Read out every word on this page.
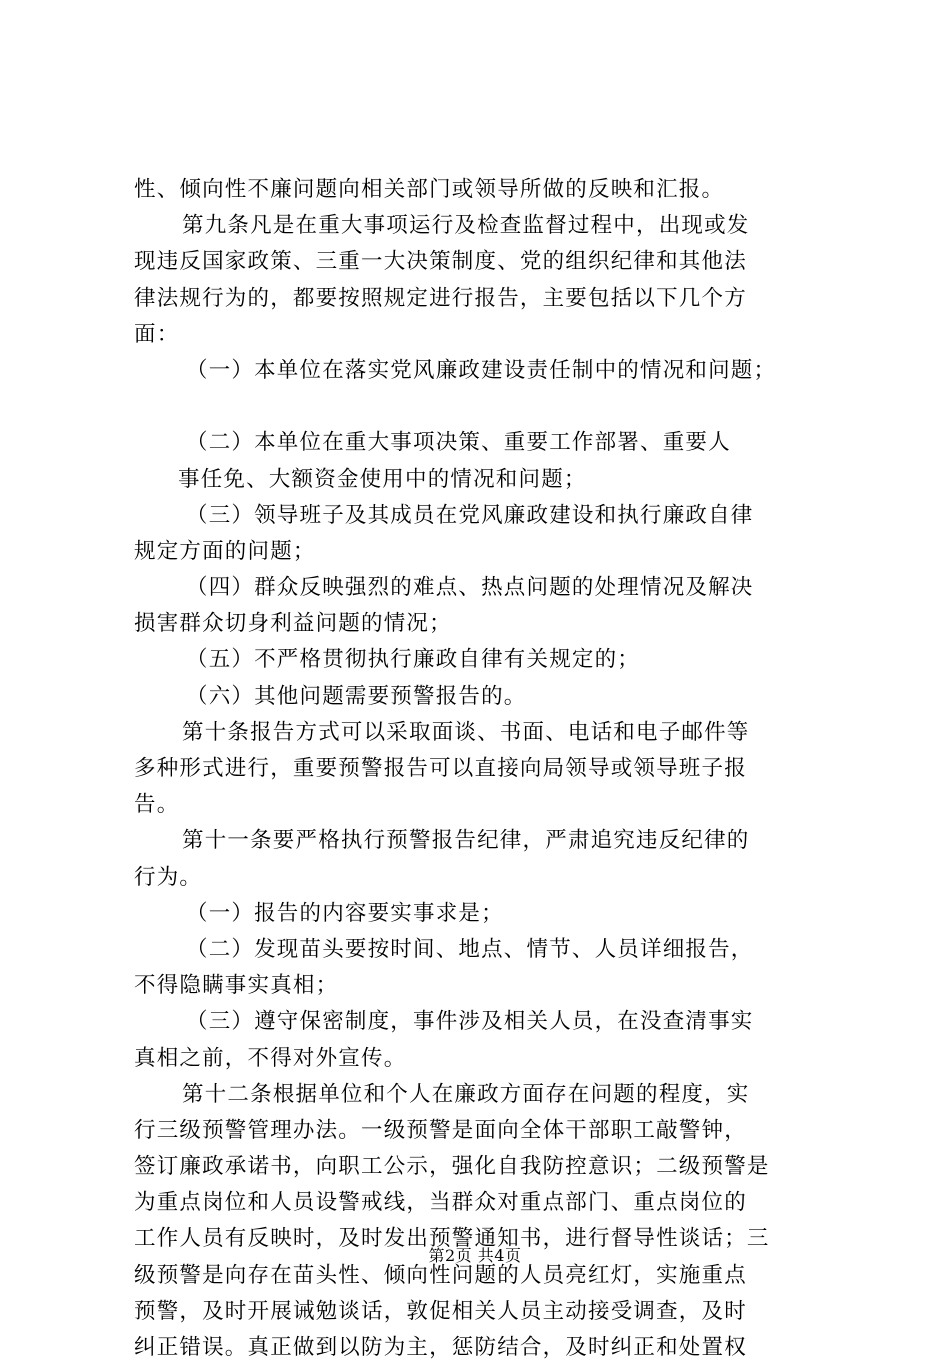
性、倾向性不廉问题向相关部门或领导所做的反映和汇报。
第九条凡是在重大事项运行及检查监督过程中，出现或发
现违反国家政策、三重一大决策制度、党的组织纪律和其他法
律法规行为的，都要按照规定进行报告，主要包括以下几个方
面：
（一）本单位在落实党风廉政建设责任制中的情况和问题；
（二）本单位在重大事项决策、重要工作部署、重要人
事任免、大额资金使用中的情况和问题；
（三）领导班子及其成员在党风廉政建设和执行廉政自律
规定方面的问题；
（四）群众反映强烈的难点、热点问题的处理情况及解决
损害群众切身利益问题的情况；
（五）不严格贯彻执行廉政自律有关规定的；
（六）其他问题需要预警报告的。
第十条报告方式可以采取面谈、书面、电话和电子邮件等
多种形式进行，重要预警报告可以直接向局领导或领导班子报
告。
第十一条要严格执行预警报告纪律，严肃追究违反纪律的
行为。
（一）报告的内容要实事求是；
（二）发现苗头要按时间、地点、情节、人员详细报告，
不得隐瞒事实真相；
（三）遵守保密制度，事件涉及相关人员，在没查清事实
真相之前，不得对外宣传。
第十二条根据单位和个人在廉政方面存在问题的程度，实
行三级预警管理办法。一级预警是面向全体干部职工敲警钟，
签订廉政承诺书，向职工公示，强化自我防控意识；二级预警是
为重点岗位和人员设警戒线，当群众对重点部门、重点岗位的
工作人员有反映时，及时发出预警通知书，进行督导性谈话；三
级预警是向存在苗头性、倾向性问题的人员亮红灯，实施重点
预警，及时开展诫勉谈话，敦促相关人员主动接受调查，及时
纠正错误。真正做到以防为主，惩防结合，及时纠正和处置权
第2页 共4页
